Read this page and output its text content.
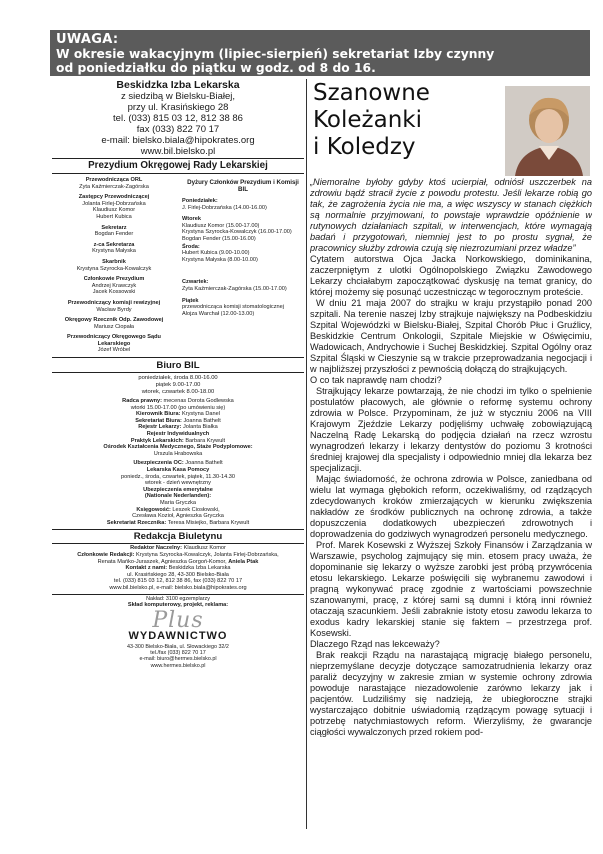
UWAGA:
W okresie wakacyjnym (lipiec-sierpień) sekretariat Izby czynny
od poniedziałku do piątku w godz. od 8 do 16.
Beskidzka Izba Lekarska
z siedzibą w Bielsku-Białej,
przy ul. Krasińskiego 28
tel. (033) 815 03 12, 812 38 86
fax (033) 822 70 17
e-mail: bielsko.biala@hipokrates.org
www.bil.bielsko.pl
Prezydium Okręgowej Rady Lekarskiej
Przewodnicząca ORL
Zyta Kaźmierczak-Zagórska
Zastępcy Przewodniczącej
Jolanta Firlej-Dobrzańska
Klaudiusz Komor
Hubert Kubica
Sekretarz
Bogdan Fender
z-ca Sekretarza
Krystyna Małyska
Skarbnik
Krystyna Szyrocka-Kowalczyk
Członkowie Prezydium
Andrzej Krawczyk
Jacek Kossowski
Przewodniczący komisji rewizyjnej
Wacław Byrdy
Okręgowy Rzecznik Odp. Zawodowej
Mariusz Ciopała
Przewodniczący Okręgowego Sądu Lekarskiego
Józef Wróbel
Dyżury Członków Prezydium i Komisji BIL
Poniedziałek:
J. Firlej-Dobrzańska (14.00-16.00)
Wtorek
Klaudiusz Komor (15.00-17.00)
Krystyna Szyrocka-Kowalczyk (16.00-17.00)
Bogdan Fender (15.00-16.00)
Środa:
Hubert Kubica (9.00-10.00)
Krystyna Małyska (8.00-10.00)
Czwartek:
Zyta Kaźmierczak-Zagórska (15.00-17.00)
Piątek
przewodnicząca komisji stomatologicznej
Alojza Warchał (12.00-13.00)
Biuro BIL
poniedziałek, środa 8.00-16.00
piątek 9.00-17.00
wtorek, czwartek 8.00-18.00
Radca prawny: mecenas Dorota Godlewska
wtorki 15.00-17.00 (po umówieniu się)
Kierownik Biura: Krystyna Danel
Sekretariat Biura: Joanna Bathelt
Rejestr Lekarzy: Jolanta Białka
Rejestr Indywidualnych
Praktyk Lekarskich: Barbara Krywult
Ośrodek Kształcenia Medycznego, Staże Podyplomowe:
Urszula Hrabowska
Ubezpieczenia OC: Joanna Bathelt
Lekarska Kasa Pomocy
poniedz., środa, czwartek, piątek, 11.30-14.30
wtorek - dzień wewnętrzny
Ubezpieczenia emerytalne
(Nationale Nederlanden):
Maria Gryczka
Księgowość: Leszek Ciosłowski,
Czesława Kozioł, Agnieszka Gryczka
Sekretariat Rzecznika: Teresa Misiejko, Barbara Krywult
Redakcja Biuletynu
Redaktor Naczelny: Klaudiusz Komor
Członkowie Redakcji: Krystyna Szyrocka-Kowalczyk, Jolanta Firlej-Dobrzańska,
Renata Mańko-Juraszek, Agnieszka Gorgoń-Komor, Aniela Ptak
Kontakt z nami: Beskidzka Izba Lekarska
ul. Krasińskiego 28, 43-300 Bielsko-Biała
tel. (033) 815 03 12, 812 38 86, fax (033) 822 70 17
www.bil.bielsko.pl, e-mail: bielsko.biala@hipokrates.org
Nakład: 3100 egzemplarzy
Skład komputerowy, projekt, reklama:
Plus
WYDAWNICTWO
43-300 Bielsko-Biała, ul. Słowackiego 32/2
tel./fax (033) 822 70 17
e-mail: biuro@hermes.bielsko.pl
www.hermes.bielsko.pl
Szanowne
Koleżanki
i Koledzy

„Niemoralne byłoby gdyby ktoś ucierpiał, odniósł uszczerbek na zdrowiu bądź stracił życie z powodu protestu. Jeśli lekarze robią go tak, że zagrożenia życia nie ma, a więc wszyscy w stanach ciężkich są normalnie przyjmowani, to powstaje wprawdzie opóźnienie w rutynowych działaniach szpitali, w interwencjach, które wymagają badań i przygotowań, niemniej jest to po prostu sygnał, że pracownicy służby zdrowia czują się niezrozumiani przez władze”

Cytatem autorstwa Ojca Jacka Norkowskiego, dominikanina, zaczerpniętym z ulotki Ogólnopolskiego Związku Zawodowego Lekarzy chciałabym zapoczątkować dyskusję na temat granicy, do której możemy się posunąć uczestnicząc w tegorocznym proteście.

W dniu 21 maja 2007 do strajku w kraju przystąpiło ponad 200 szpitali. Na terenie naszej Izby strajkuje największy na Podbeskidziu Szpital Wojewódzki w Bielsku-Białej, Szpital Chorób Płuc i Gruźlicy, Beskidzkie Centrum Onkologii, Szpitale Miejskie w Oświęcimiu, Wadowicach, Andrychowie i Suchej Beskidzkiej. Szpital Ogólny oraz Szpital Śląski w Cieszynie są w trakcie przeprowadzania negocjacji i w najbliższej przyszłości z pewnością dołączą do strajkujących.

O co tak naprawdę nam chodzi?

Strajkujący lekarze powtarzają, że nie chodzi im tylko o spełnienie postulatów płacowych, ale głównie o reformę systemu ochrony zdrowia w Polsce. Przypominam, że już w styczniu 2006 na VIII Krajowym Zjeździe Lekarzy podjęliśmy uchwałę zobowiązującą Naczelną Radę Lekarską do podjęcia działań na rzecz wzrostu wynagrodzeń lekarzy i lekarzy dentystów do poziomu 3 krotności średniej krajowej dla specjalisty i odpowiednio mniej dla lekarza bez specjalizacji.

Mając świadomość, że ochrona zdrowia w Polsce, zaniedbana od wielu lat wymaga głębokich reform, oczekiwaliśmy, od rządzących zdecydowanych kroków zmierzających w kierunku zwiększenia nakładów ze środków publicznych na ochronę zdrowia, a także dopuszczenia dodatkowych ubezpieczeń zdrowotnych i doprowadzenia do godziwych wynagrodzeń personelu medycznego.

Prof. Marek Kosewski z Wyższej Szkoły Finansów i Zarządzania w Warszawie, psycholog zajmujący się min. etosem pracy uważa, że dopominanie się lekarzy o wyższe zarobki jest próbą przywrócenia etosu lekarskiego. Lekarze poświęcili się wybranemu zawodowi i pragną wykonywać pracę zgodnie z wartościami powszechnie szanowanymi, pracę, z której sami są dumni i którą inni również otaczają szacunkiem. Jeśli zabraknie istoty etosu zawodu lekarza to exodus kadry lekarskiej stanie się faktem – przestrzega prof. Kosewski.

Dlaczego Rząd nas lekceważy?

Brak reakcji Rządu na narastającą migrację białego personelu, nieprzemyślane decyzje dotyczące samozatrudnienia lekarzy oraz paraliż decyzyjny w zakresie zmian w systemie ochrony zdrowia powoduje narastające niezadowolenie zarówno lekarzy jak i pacjentów. Ludziliśmy się nadzieją, że ubiegłoroczne strajki wystarczająco dobitnie uświadomią rządzącym powagę sytuacji i potrzebę natychmiastowych reform. Wierzyliśmy, że gwarancje ciągłości wywalczonych przed rokiem pod-
